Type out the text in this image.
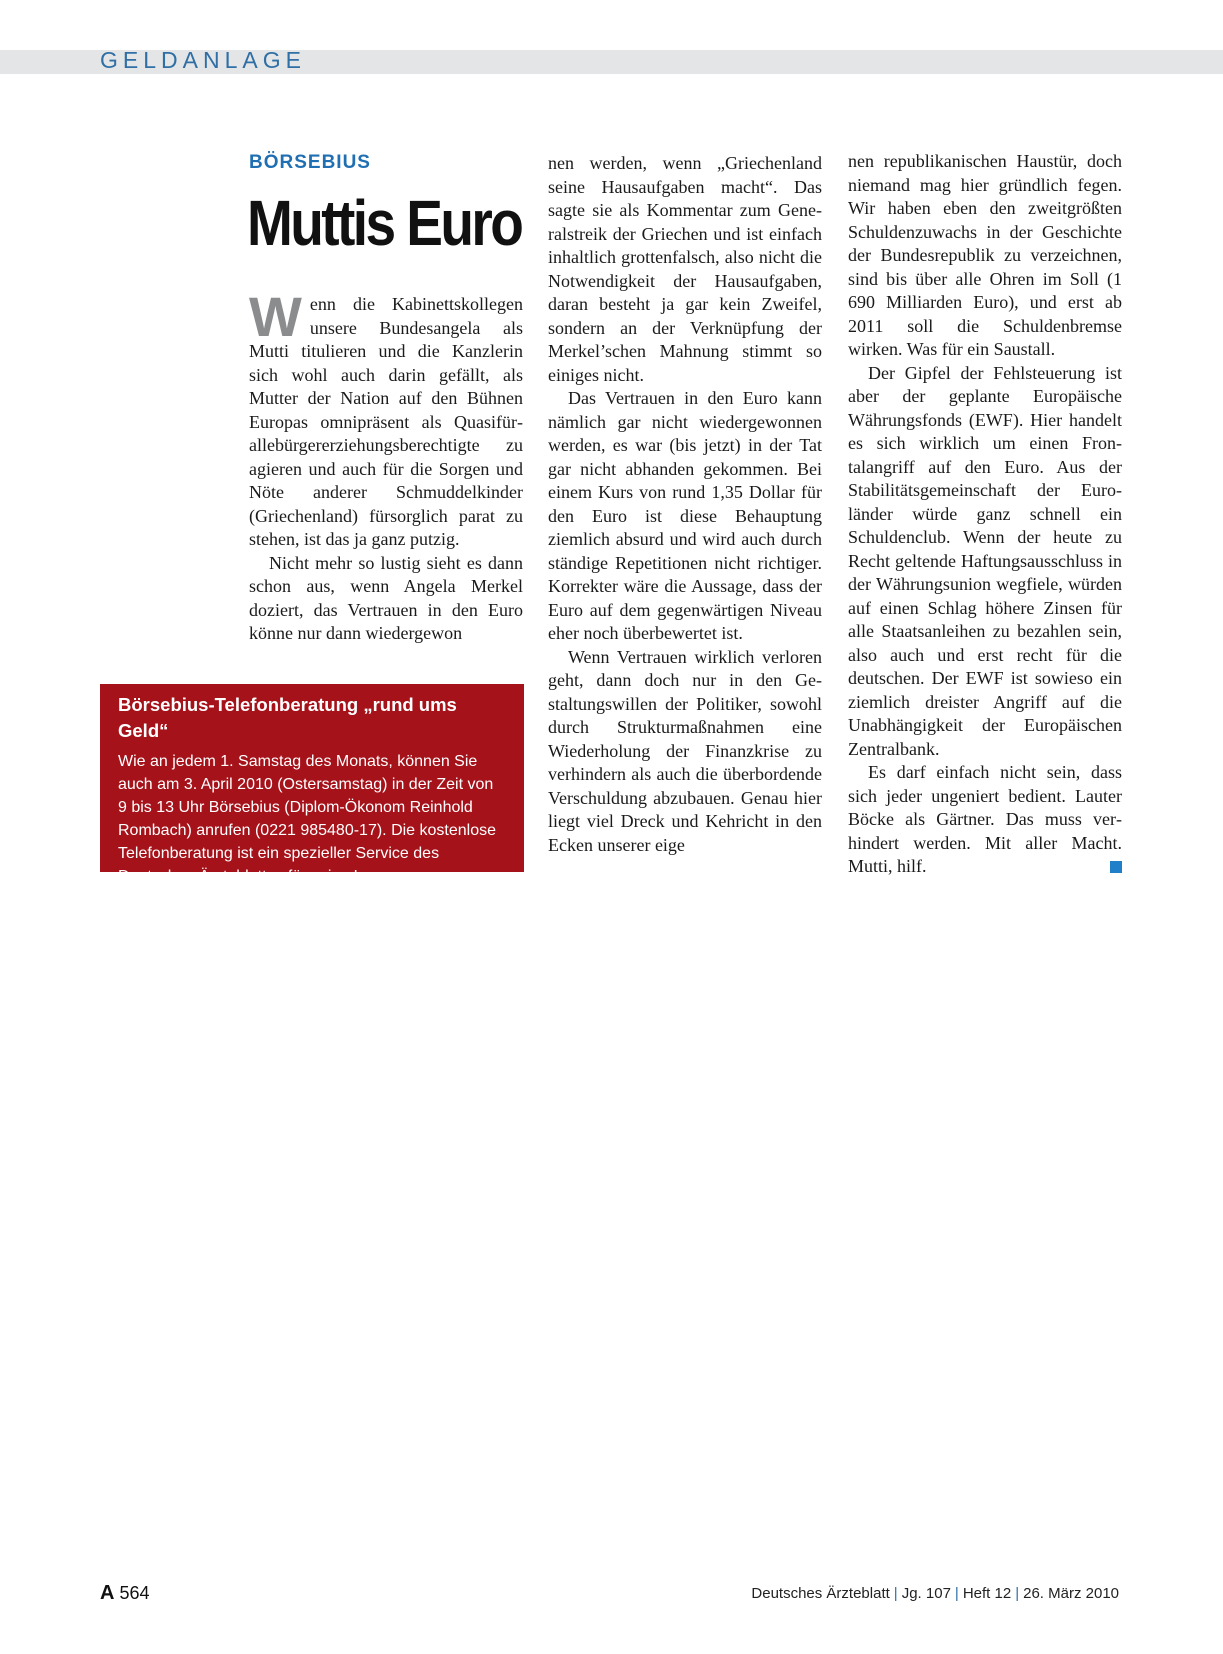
GELDANLAGE
BÖRSEBIUS
Muttis Euro

Wenn die Kabinettskollegen unsere Bundesangela als Mutti titulieren und die Kanzlerin sich wohl auch darin gefällt, als Mutter der Nation auf den Bühnen Europas omnipräsent als Quasifürallebürgererziehungsberechtigte zu agieren und auch für die Sorgen und Nöte anderer Schmuddelkinder (Griechenland) fürsorglich parat zu stehen, ist das ja ganz putzig.

Nicht mehr so lustig sieht es dann schon aus, wenn Angela Merkel doziert, das Vertrauen in den Euro könne nur dann wiedergewon

nen werden, wenn „Griechenland seine Hausaufgaben macht“. Das sagte sie als Kommentar zum Generalstreik der Griechen und ist einfach inhaltlich grottenfalsch, also nicht die Notwendigkeit der Hausaufgaben, daran besteht ja gar kein Zweifel, sondern an der Verknüpfung der Merkel’schen Mahnung stimmt so einiges nicht.

Das Vertrauen in den Euro kann nämlich gar nicht wiedergewonnen werden, es war (bis jetzt) in der Tat gar nicht abhanden gekommen. Bei einem Kurs von rund 1,35 Dollar für den Euro ist diese Behauptung ziemlich absurd und wird auch durch ständige Repetitionen nicht richtiger. Korrekter wäre die Aussage, dass der Euro auf dem gegenwärtigen Niveau eher noch überbewertet ist.

Wenn Vertrauen wirklich verloren geht, dann doch nur in den Gestaltungswillen der Politiker, sowohl durch Strukturmaßnahmen eine Wiederholung der Finanzkrise zu verhindern als auch die überbordende Verschuldung abzubauen. Genau hier liegt viel Dreck und Kehricht in den Ecken unserer eige

nen republikanischen Haustür, doch niemand mag hier gründlich fegen. Wir haben eben den zweitgrößten Schuldenzuwachs in der Geschichte der Bundesrepublik zu verzeichnen, sind bis über alle Ohren im Soll (1 690 Milliarden Euro), und erst ab 2011 soll die Schuldenbremse wirken. Was für ein Saustall.

Der Gipfel der Fehlsteuerung ist aber der geplante Europäische Währungsfonds (EWF). Hier handelt es sich wirklich um einen Frontalangriff auf den Euro. Aus der Stabilitätsgemeinschaft der Euroländer würde ganz schnell ein Schuldenclub. Wenn der heute zu Recht geltende Haftungsausschluss in der Währungsunion wegfiele, würden auf einen Schlag höhere Zinsen für alle Staatsanleihen zu bezahlen sein, also auch und erst recht für die deutschen. Der EWF ist sowieso ein ziemlich dreister Angriff auf die Unabhängigkeit der Europäischen Zentralbank.

Es darf einfach nicht sein, dass sich jeder ungeniert bedient. Lauter Böcke als Gärtner. Das muss verhindert werden. Mit aller Macht. Mutti, hilf.

Börsebius-Telefonberatung „rund ums Geld“

Wie an jedem 1. Samstag des Monats, können Sie auch am 3. April 2010 (Ostersamstag) in der Zeit von 9 bis 13 Uhr Börsebius (Diplom-Ökonom Reinhold Rombach) anrufen (0221 985480-17). Die kostenlose Telefonberatung ist ein spezieller Service des Deutschen Ärzteblattes für seine Leser.

A 564	Deutsches Ärzteblatt | Jg. 107 | Heft 12 | 26. März 2010
